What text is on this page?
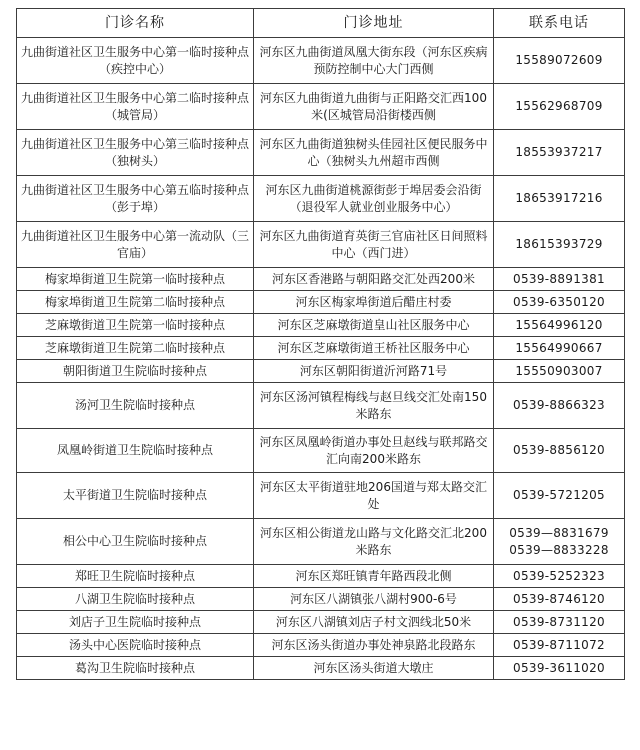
门诊名称	门诊地址	联系电话
九曲街道社区卫生服务中心第一临时接种点（疾控中心）	河东区九曲街道凤凰大街东段（河东区疾病预防控制中心大门西侧	15589072609

九曲街道社区卫生服务中心第二临时接种点（城管局）	河东区九曲街道九曲街与正阳路交汇西100米(区城管局沿街楼西侧	15562968709

九曲街道社区卫生服务中心第三临时接种点（独树头）	河东区九曲街道独树头佳园社区便民服务中心（独树头九州超市西侧	18553937217

九曲街道社区卫生服务中心第五临时接种点（彭于埠）	河东区九曲街道桃源街彭于埠居委会沿街（退役军人就业创业服务中心）	18653917216

九曲街道社区卫生服务中心第一流动队（三官庙）	河东区九曲街道育英街三官庙社区日间照料中心（西门进）	18615393729

梅家埠街道卫生院第一临时接种点	河东区香港路与朝阳路交汇处西200米	0539-8891381

梅家埠街道卫生院第二临时接种点	河东区梅家埠街道后醋庄村委	0539-6350120

芝麻墩街道卫生院第一临时接种点	河东区芝麻墩街道皇山社区服务中心	15564996120

芝麻墩街道卫生院第二临时接种点	河东区芝麻墩街道王桥社区服务中心	15564990667

朝阳街道卫生院临时接种点	河东区朝阳街道沂河路71号	15550903007

汤河卫生院临时接种点	河东区汤河镇程梅线与赵旦线交汇处南150米路东	0539-8866323

凤凰岭街道卫生院临时接种点	河东区凤凰岭街道办事处旦赵线与联邦路交汇向南200米路东	0539-8856120

太平街道卫生院临时接种点	河东区太平街道驻地206国道与郑太路交汇处	0539-5721205

相公中心卫生院临时接种点	河东区相公街道龙山路与文化路交汇北200米路东	0539—8831679
0539—8833228

郑旺卫生院临时接种点	河东区郑旺镇青年路西段北侧	0539-5252323

八湖卫生院临时接种点	河东区八湖镇张八湖村900-6号	0539-8746120

刘店子卫生院临时接种点	河东区八湖镇刘店子村文泗线北50米	0539-8731120

汤头中心医院临时接种点	河东区汤头街道办事处神泉路北段路东	0539-8711072

葛沟卫生院临时接种点	河东区汤头街道大墩庄	0539-3611020
